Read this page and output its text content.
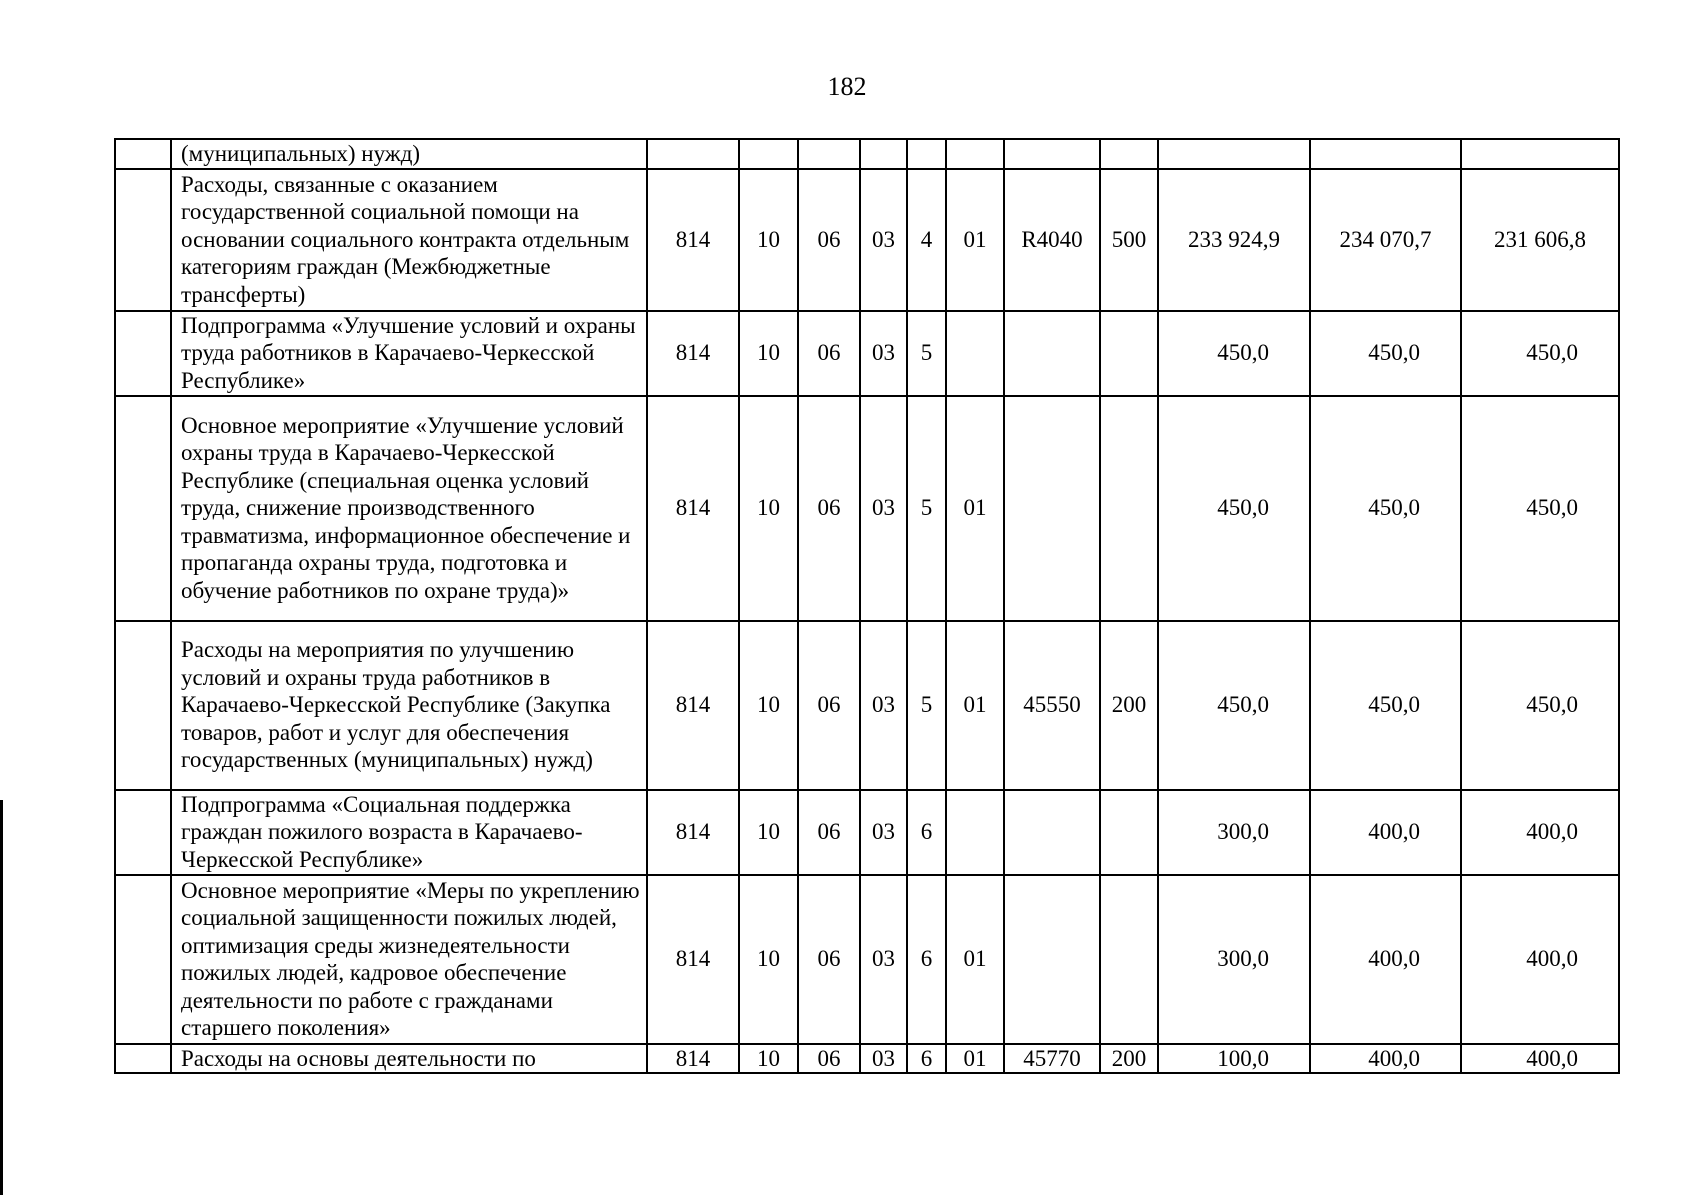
182
	(муниципальных) нужд)											
	Расходы, связанные с оказанием государственной социальной помощи на основании социального контракта отдельным категориям граждан (Межбюджетные трансферты)	814	10	06	03	4	01	R4040	500	233 924,9	234 070,7	231 606,8
	Подпрограмма «Улучшение условий и охраны труда работников в Карачаево-Черкесской Республике»	814	10	06	03	5				450,0	450,0	450,0
	Основное мероприятие «Улучшение условий охраны труда в Карачаево-Черкесской Республике (специальная оценка условий труда, снижение производственного травматизма, информационное обеспечение и пропаганда охраны труда, подготовка и обучение работников по охране труда)»	814	10	06	03	5	01			450,0	450,0	450,0
	Расходы на мероприятия по улучшению условий и охраны труда работников в Карачаево-Черкесской Республике (Закупка товаров, работ и услуг для обеспечения государственных (муниципальных) нужд)	814	10	06	03	5	01	45550	200	450,0	450,0	450,0
	Подпрограмма «Социальная поддержка граждан пожилого возраста в Карачаево-Черкесской Республике»	814	10	06	03	6				300,0	400,0	400,0
	Основное мероприятие «Меры по укреплению социальной защищенности пожилых людей, оптимизация среды жизнедеятельности пожилых людей, кадровое обеспечение деятельности по работе с гражданами старшего поколения»	814	10	06	03	6	01			300,0	400,0	400,0
	Расходы на основы деятельности по	814	10	06	03	6	01	45770	200	100,0	400,0	400,0
